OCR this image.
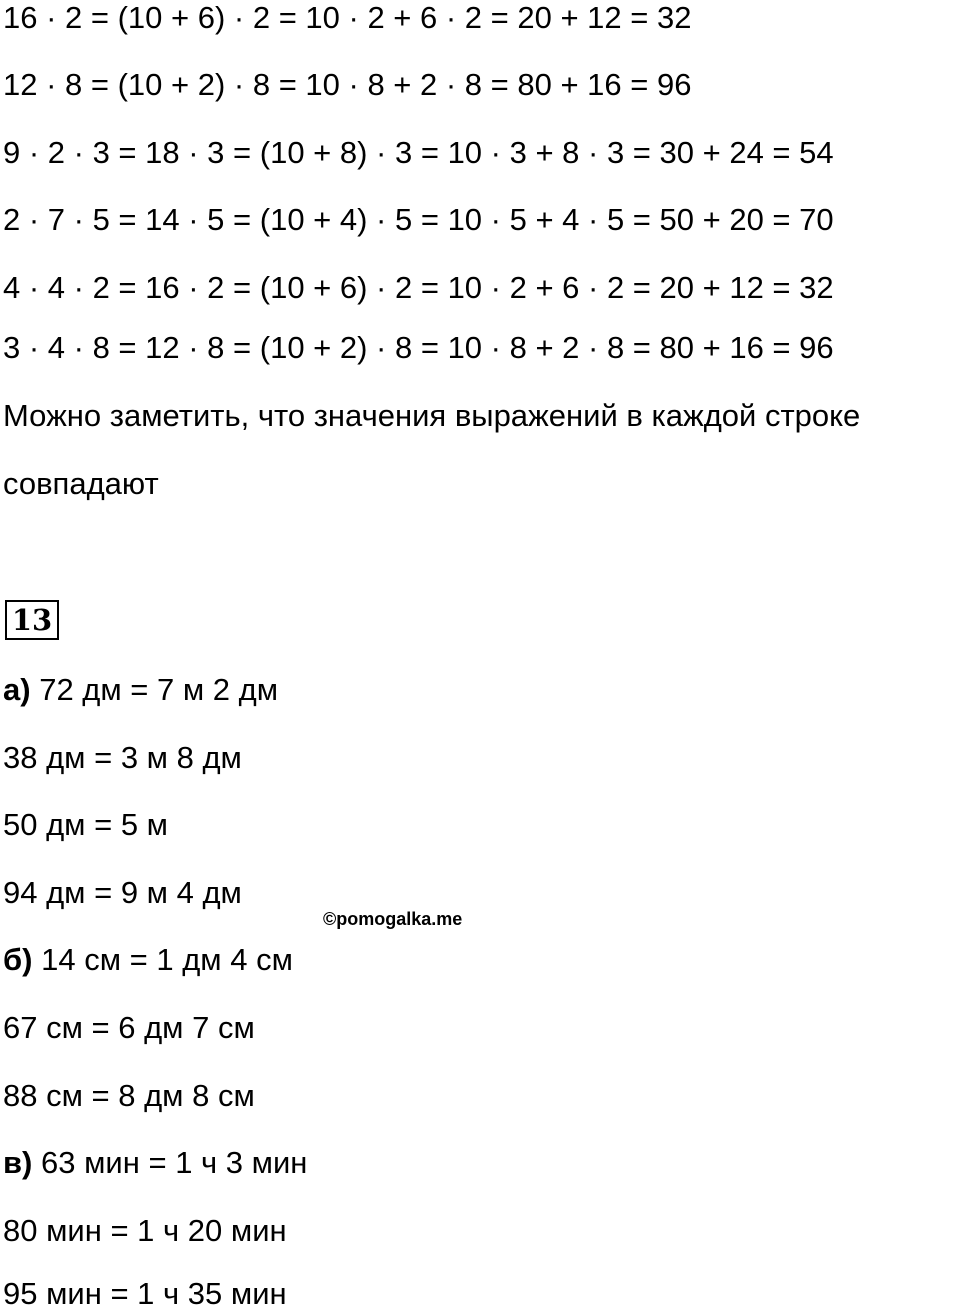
16 · 2 = (10 + 6) · 2 = 10 · 2 + 6 · 2 = 20 + 12 = 32
12 · 8 = (10 + 2) · 8 = 10 · 8 + 2 · 8 = 80 + 16 = 96
9 · 2 · 3 = 18 · 3 = (10 + 8) · 3 = 10 · 3 + 8 · 3 = 30 + 24 = 54
2 · 7 · 5 = 14 · 5 = (10 + 4) · 5 = 10 · 5 + 4 · 5 = 50 + 20 = 70
4 · 4 · 2 = 16 · 2 = (10 + 6) · 2 = 10 · 2 + 6 · 2 = 20 + 12 = 32
3 · 4 · 8 = 12 · 8 = (10 + 2) · 8 = 10 · 8 + 2 · 8 = 80 + 16 = 96
Можно заметить, что значения выражений в каждой строке
совпадают
13
а) 72 дм = 7 м 2 дм
38 дм = 3 м 8 дм
50 дм = 5 м
94 дм = 9 м 4 дм
©pomogalka.me
б) 14 см = 1 дм 4 см
67 см = 6 дм 7 см
88 см = 8 дм 8 см
в) 63 мин = 1 ч 3 мин
80 мин = 1 ч 20 мин
95 мин = 1 ч 35 мин
